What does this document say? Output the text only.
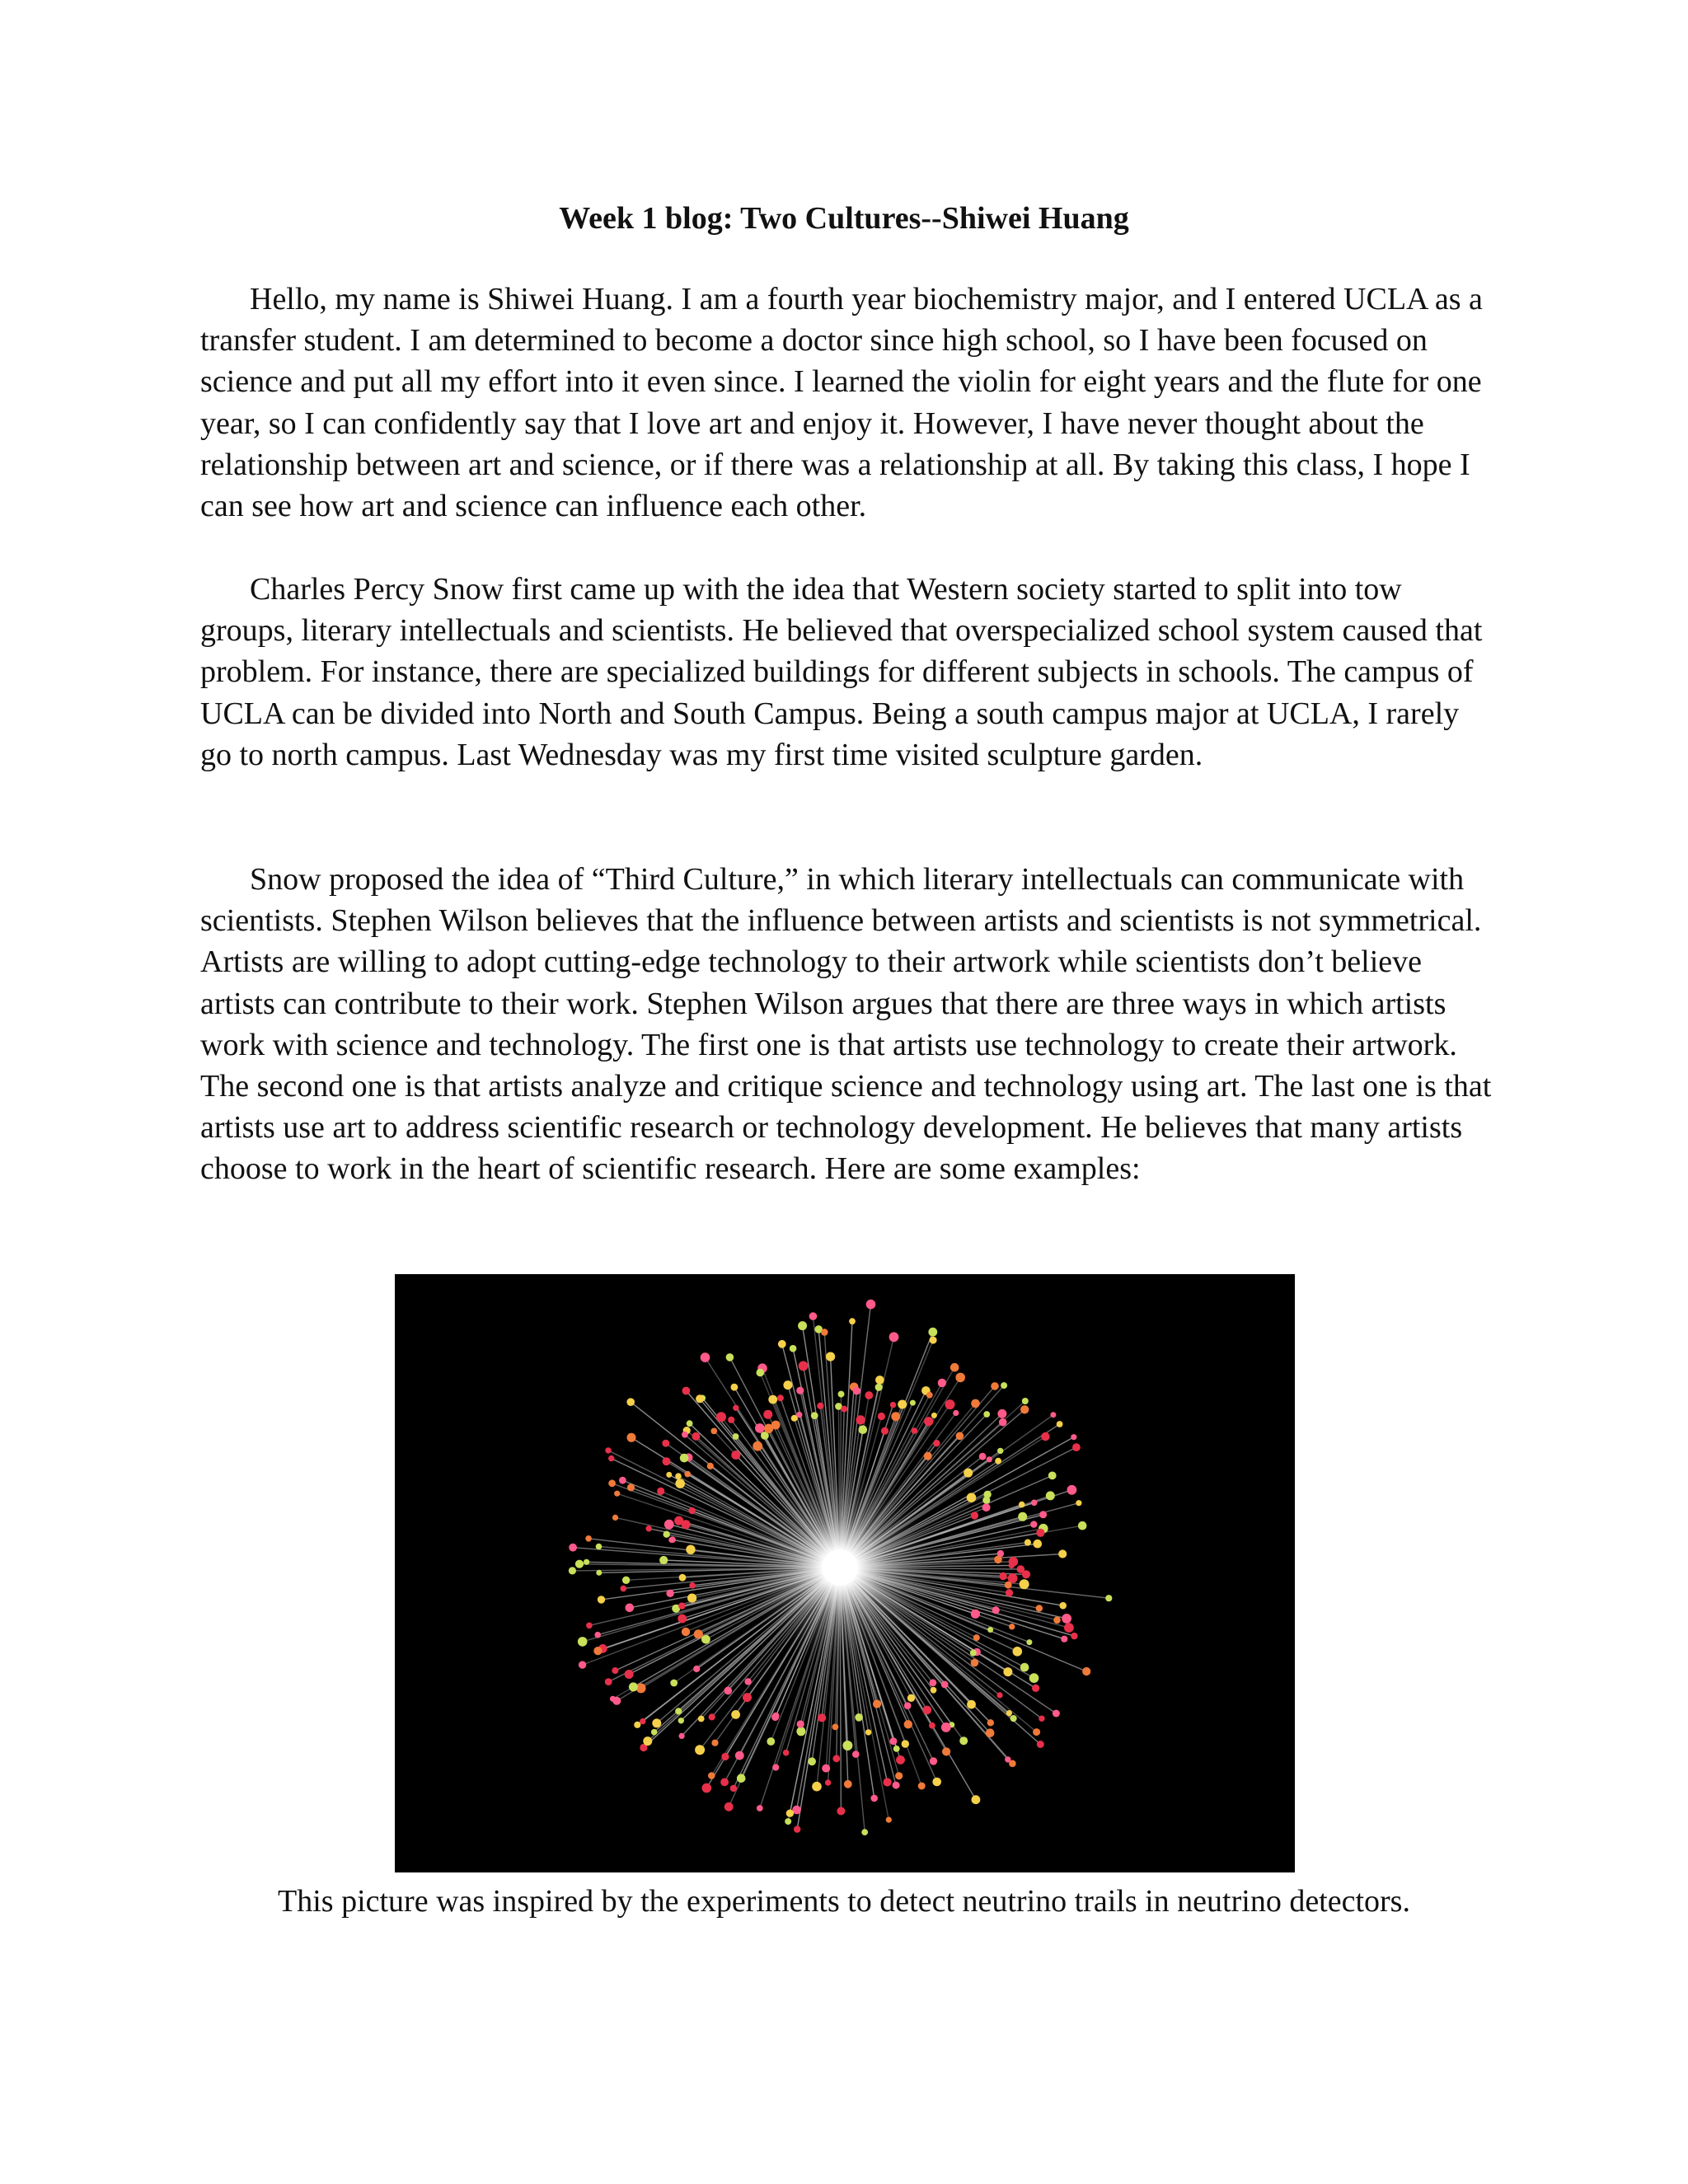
Week 1 blog: Two Cultures--Shiwei Huang

Hello, my name is Shiwei Huang. I am a fourth year biochemistry major, and I entered UCLA as a transfer student. I am determined to become a doctor since high school, so I have been focused on science and put all my effort into it even since. I learned the violin for eight years and the flute for one year, so I can confidently say that I love art and enjoy it. However, I have never thought about the relationship between art and science, or if there was a relationship at all. By taking this class, I hope I can see how art and science can influence each other.

Charles Percy Snow first came up with the idea that Western society started to split into tow groups, literary intellectuals and scientists. He believed that overspecialized school system caused that problem. For instance, there are specialized buildings for different subjects in schools. The campus of UCLA can be divided into North and South Campus. Being a south campus major at UCLA, I rarely go to north campus. Last Wednesday was my first time visited sculpture garden.

Snow proposed the idea of “Third Culture,” in which literary intellectuals can communicate with scientists. Stephen Wilson believes that the influence between artists and scientists is not symmetrical. Artists are willing to adopt cutting-edge technology to their artwork while scientists don’t believe artists can contribute to their work. Stephen Wilson argues that there are three ways in which artists work with science and technology. The first one is that artists use technology to create their artwork. The second one is that artists analyze and critique science and technology using art. The last one is that artists use art to address scientific research or technology development. He believes that many artists choose to work in the heart of scientific research. Here are some examples:

This picture was inspired by the experiments to detect neutrino trails in neutrino detectors.
